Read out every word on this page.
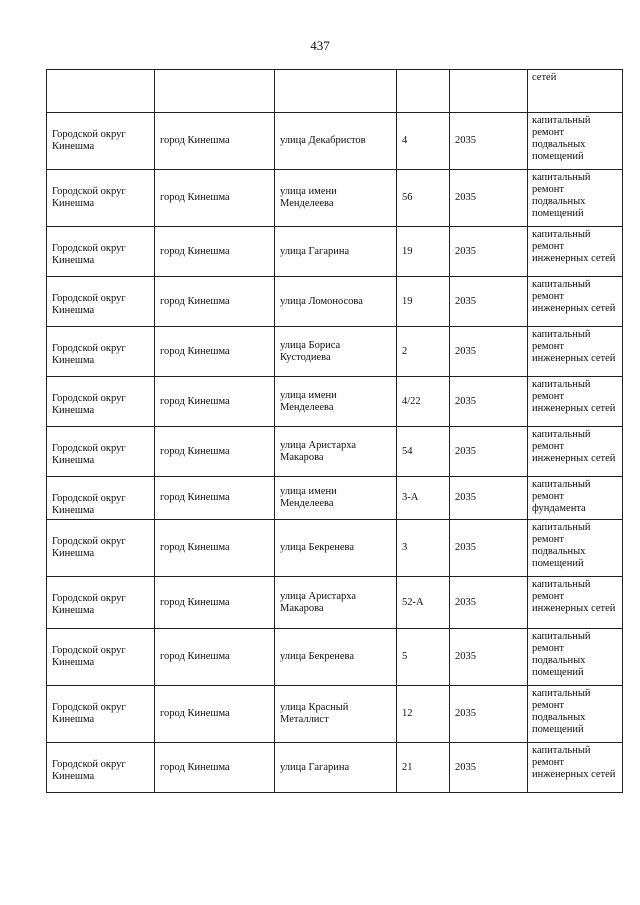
437
					сетей
Городской округ Кинешма	город Кинешма	улица Декабристов	4	2035	капитальный ремонт подвальных помещений
Городской округ Кинешма	город Кинешма	улица имени Менделеева	56	2035	капитальный ремонт подвальных помещений
Городской округ Кинешма	город Кинешма	улица Гагарина	19	2035	капитальный ремонт инженерных сетей
Городской округ Кинешма	город Кинешма	улица Ломоносова	19	2035	капитальный ремонт инженерных сетей
Городской округ Кинешма	город Кинешма	улица Бориса Кустодиева	2	2035	капитальный ремонт инженерных сетей
Городской округ Кинешма	город Кинешма	улица имени Менделеева	4/22	2035	капитальный ремонт инженерных сетей
Городской округ Кинешма	город Кинешма	улица Аристарха Макарова	54	2035	капитальный ремонт инженерных сетей
Городской округ Кинешма	город Кинешма	улица имени Менделеева	3-А	2035	капитальный ремонт фундамента
Городской округ Кинешма	город Кинешма	улица Бекренева	3	2035	капитальный ремонт подвальных помещений
Городской округ Кинешма	город Кинешма	улица Аристарха Макарова	52-А	2035	капитальный ремонт инженерных сетей
Городской округ Кинешма	город Кинешма	улица Бекренева	5	2035	капитальный ремонт подвальных помещений
Городской округ Кинешма	город Кинешма	улица Красный Металлист	12	2035	капитальный ремонт подвальных помещений
Городской округ Кинешма	город Кинешма	улица Гагарина	21	2035	капитальный ремонт инженерных сетей
